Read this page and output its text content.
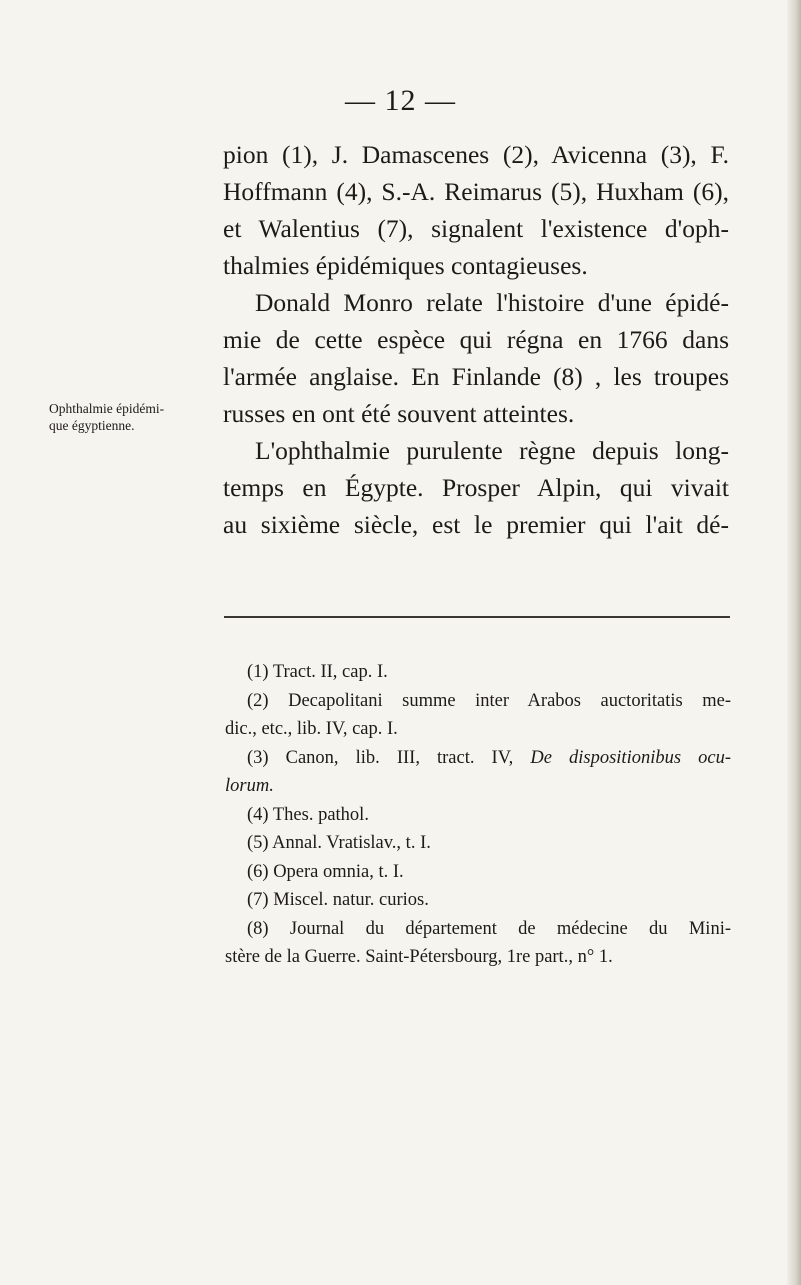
— 12 —
Ophthalmie épidémi-
que égyptienne.
pion (1), J. Damascenes (2), Avicenna (3), F.
Hoffmann (4), S.-A. Reimarus (5), Huxham (6),
et Walentius (7), signalent l'existence d'oph-
thalmies épidémiques contagieuses.
Donald Monro relate l'histoire d'une épidé-
mie de cette espèce qui régna en 1766 dans
l'armée anglaise. En Finlande (8) , les troupes
russes en ont été souvent atteintes.
L'ophthalmie purulente règne depuis long-
temps en Égypte. Prosper Alpin, qui vivait
au sixième siècle, est le premier qui l'ait dé-
(1) Tract. II, cap. I.
(2) Decapolitani summe inter Arabos auctoritatis me-
dic., etc., lib. IV, cap. I.
(3) Canon, lib. III, tract. IV, De dispositionibus ocu-
lorum.
(4) Thes. pathol.
(5) Annal. Vratislav., t. I.
(6) Opera omnia, t. I.
(7) Miscel. natur. curios.
(8) Journal du département de médecine du Mini-
stère de la Guerre. Saint-Pétersbourg, 1re part., n° 1.
